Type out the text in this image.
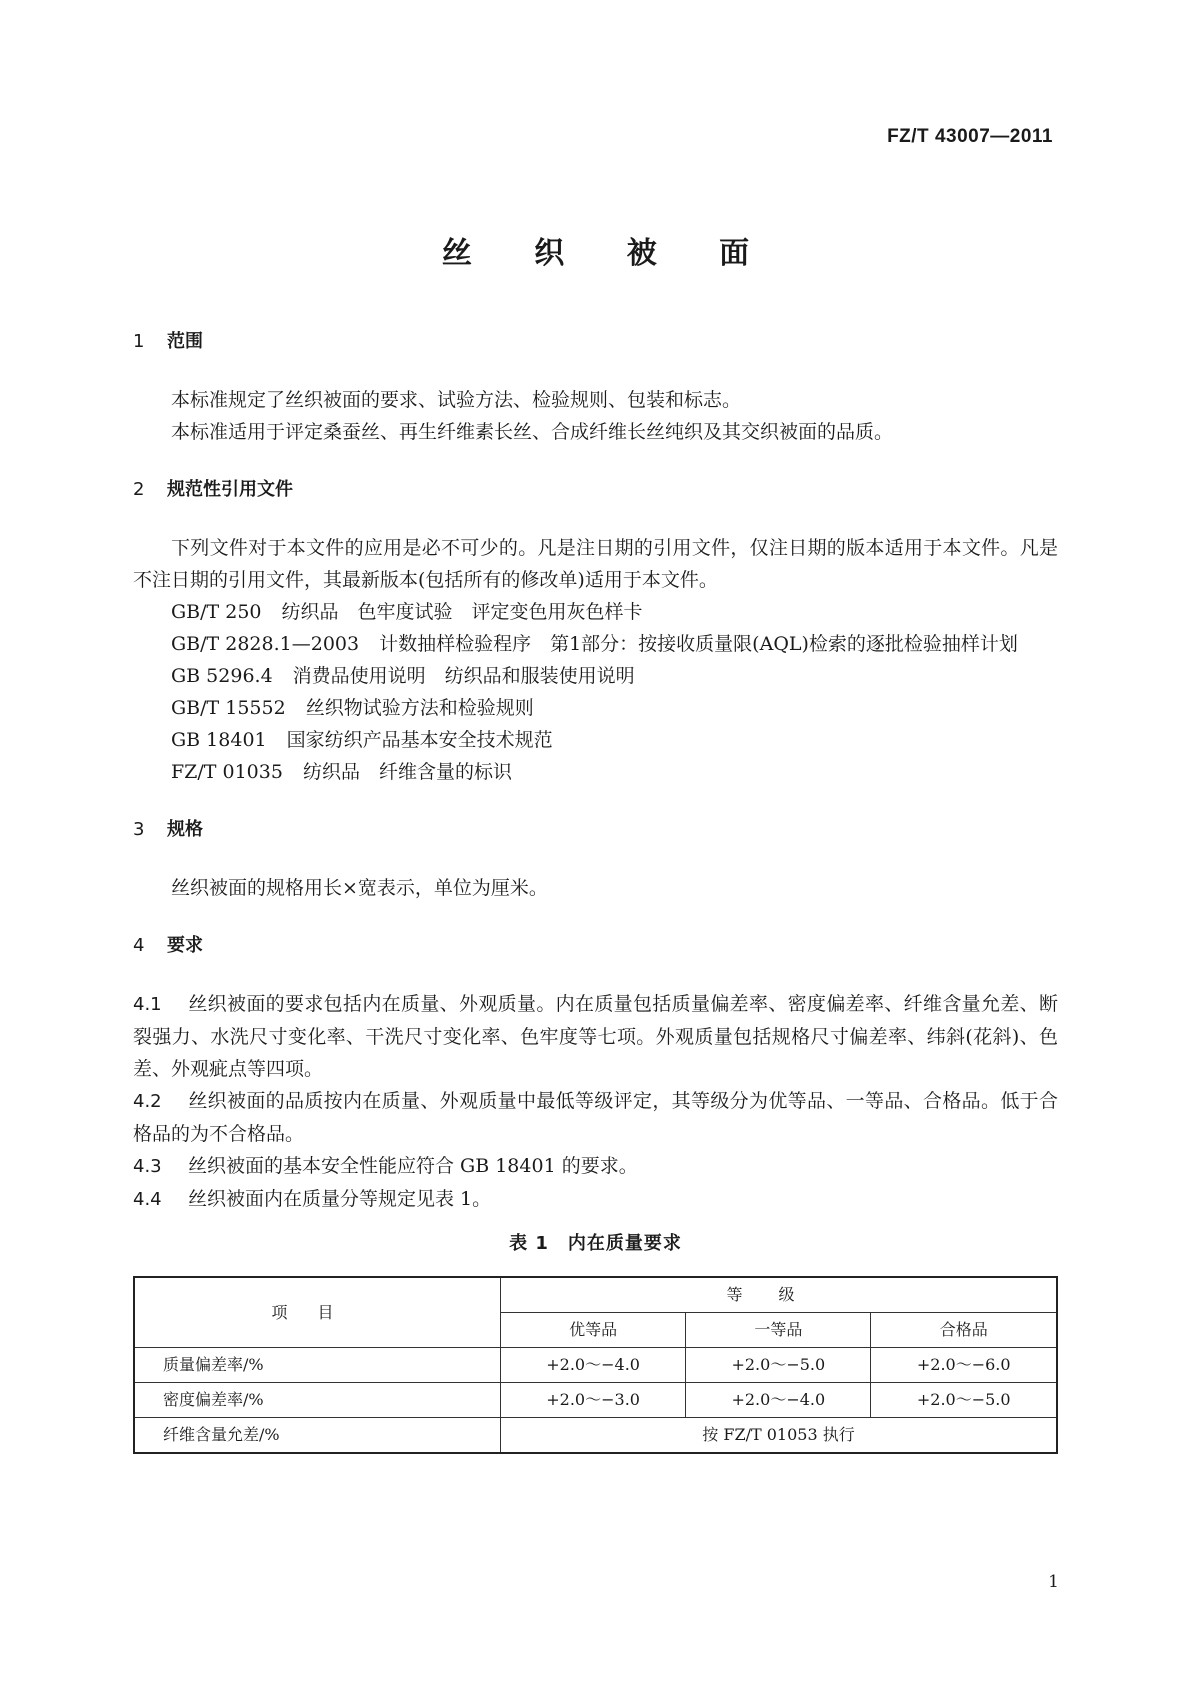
FZ/T 43007—2011
丝 织 被 面
1 范围

本标准规定了丝织被面的要求、试验方法、检验规则、包装和标志。

本标准适用于评定桑蚕丝、再生纤维素长丝、合成纤维长丝纯织及其交织被面的品质。

2 规范性引用文件

下列文件对于本文件的应用是必不可少的。凡是注日期的引用文件，仅注日期的版本适用于本文件。凡是不注日期的引用文件，其最新版本(包括所有的修改单)适用于本文件。

GB/T 250 纺织品　色牢度试验　评定变色用灰色样卡

GB/T 2828.1—2003 计数抽样检验程序　第1部分：按接收质量限(AQL)检索的逐批检验抽样计划

GB 5296.4 消费品使用说明　纺织品和服装使用说明

GB/T 15552 丝织物试验方法和检验规则

GB 18401 国家纺织产品基本安全技术规范

FZ/T 01035 纺织品　纤维含量的标识

3 规格

丝织被面的规格用长×宽表示，单位为厘米。

4 要求

4.1 丝织被面的要求包括内在质量、外观质量。内在质量包括质量偏差率、密度偏差率、纤维含量允差、断裂强力、水洗尺寸变化率、干洗尺寸变化率、色牢度等七项。外观质量包括规格尺寸偏差率、纬斜(花斜)、色差、外观疵点等四项。

4.2 丝织被面的品质按内在质量、外观质量中最低等级评定，其等级分为优等品、一等品、合格品。低于合格品的为不合格品。

4.3 丝织被面的基本安全性能应符合 GB 18401 的要求。

4.4 丝织被面内在质量分等规定见表 1。

表 1　内在质量要求
项目	等级		
	优等品	一等品	合格品
质量偏差率/%	+2.0～−4.0	+2.0～−5.0	+2.0～−6.0
密度偏差率/%	+2.0～−3.0	+2.0～−4.0	+2.0～−5.0
纤维含量允差/%	按 FZ/T 01053 执行		
1
